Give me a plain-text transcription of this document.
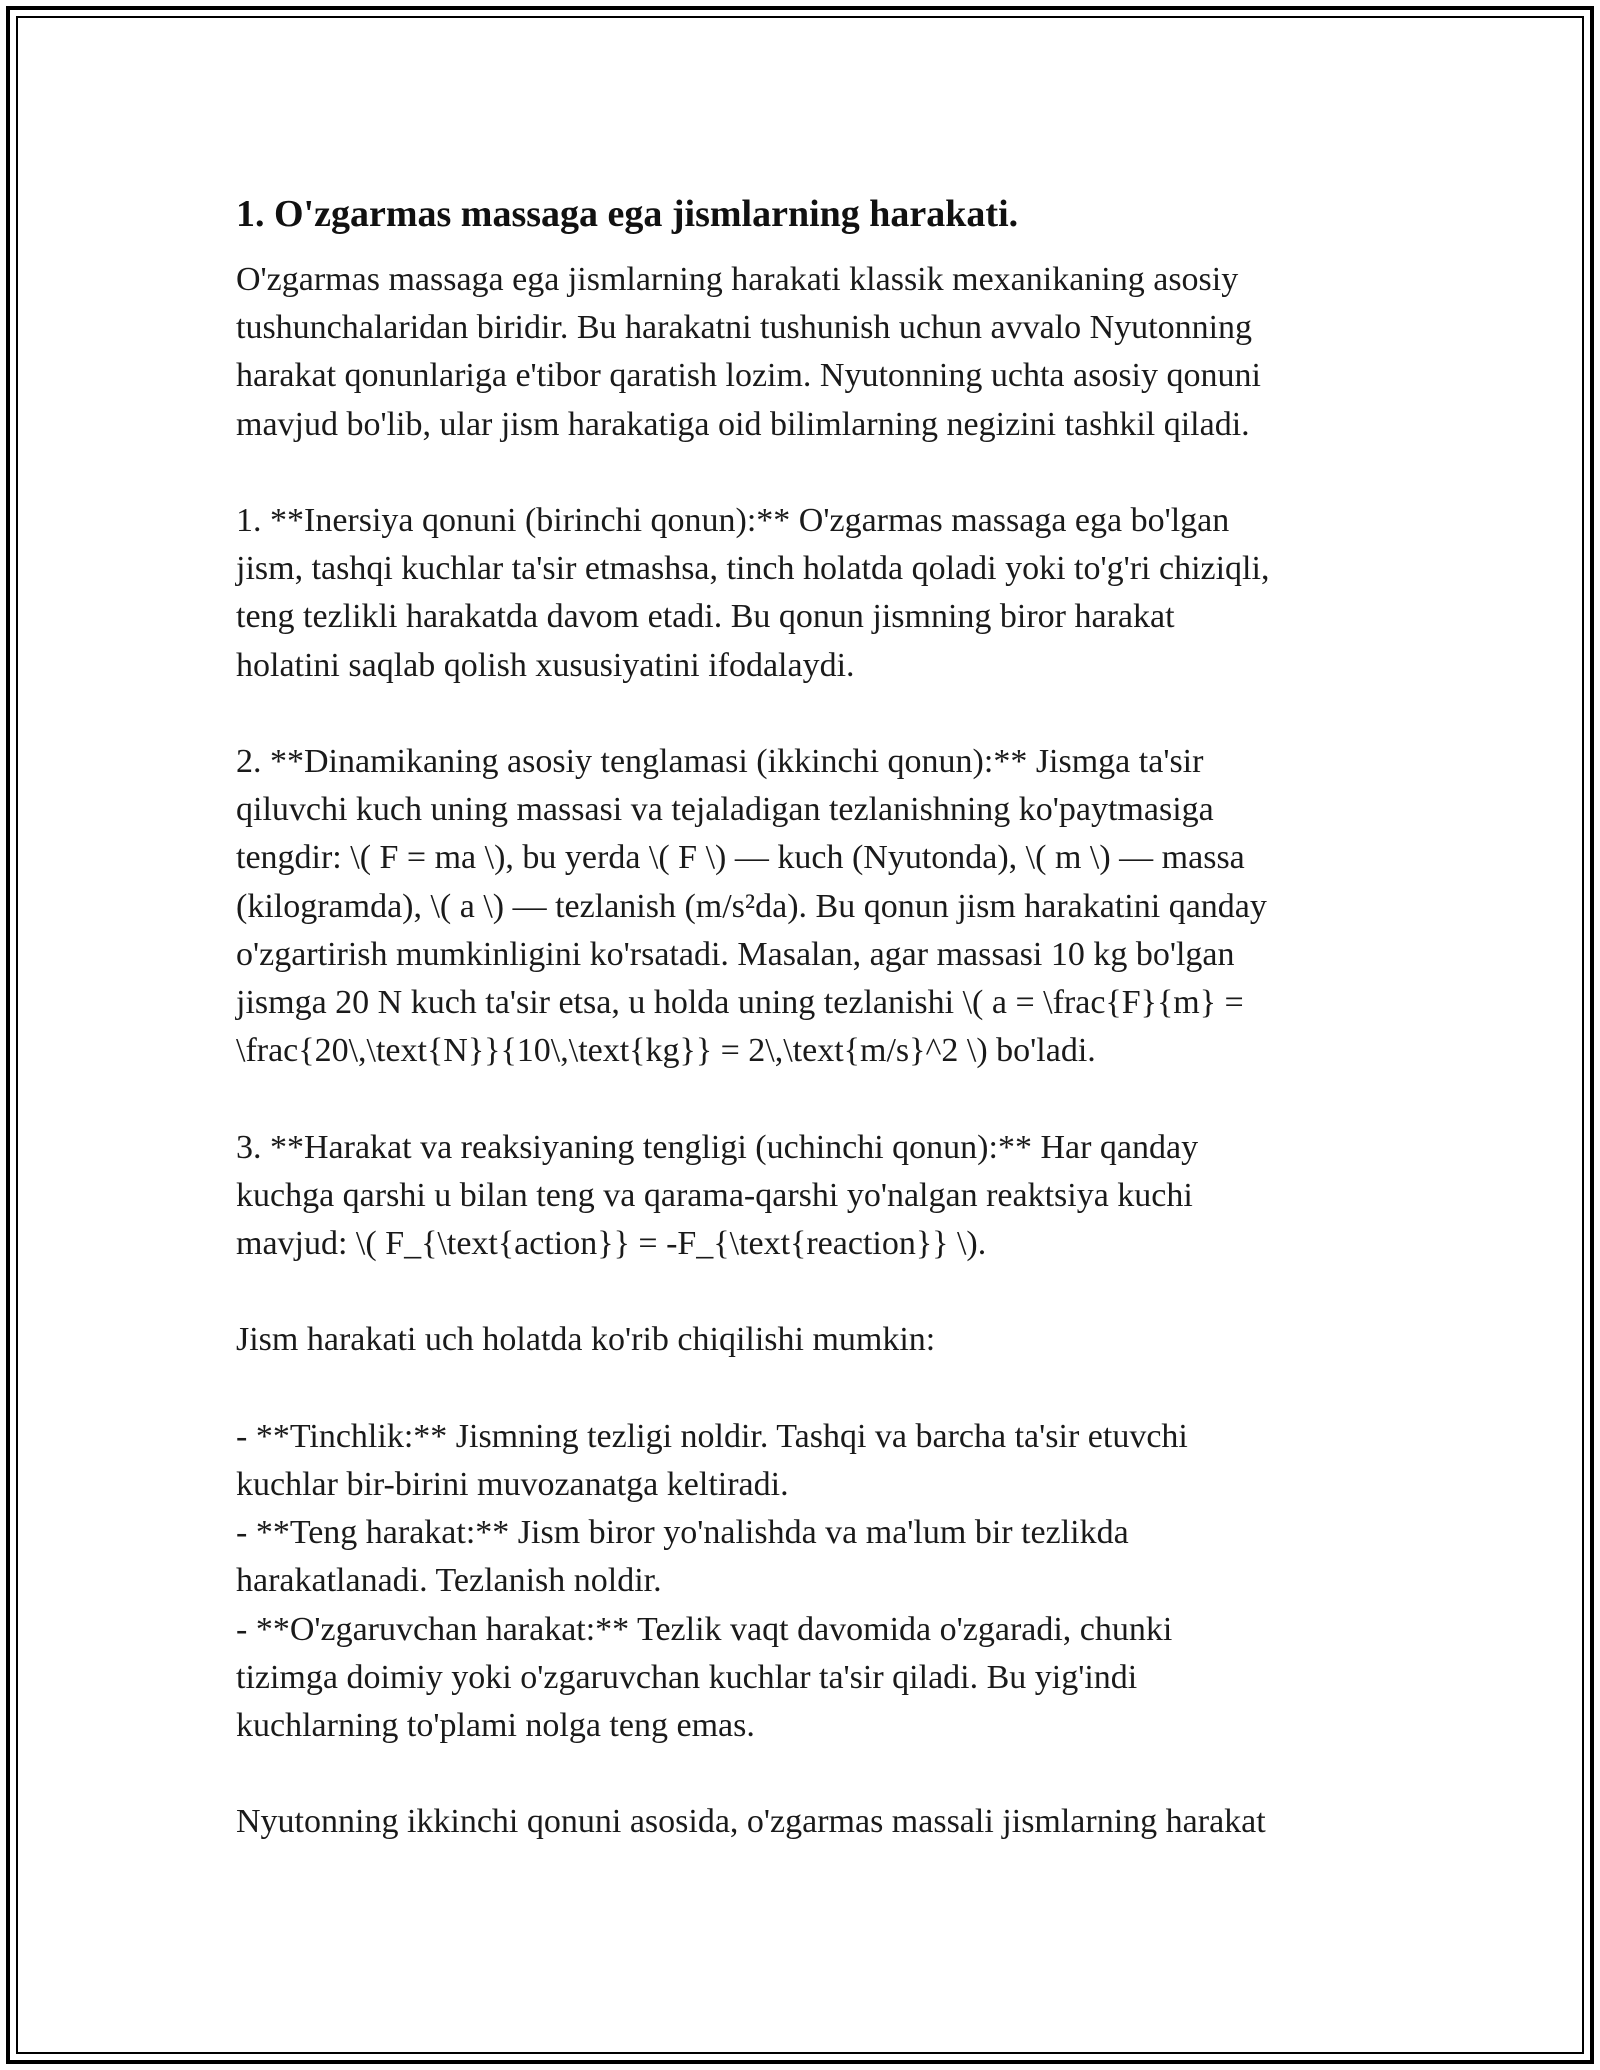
1. O'zgarmas massaga ega jismlarning harakati.
O'zgarmas massaga ega jismlarning harakati klassik mexanikaning asosiy
tushunchalaridan biridir. Bu harakatni tushunish uchun avvalo Nyutonning
harakat qonunlariga e'tibor qaratish lozim. Nyutonning uchta asosiy qonuni
mavjud bo'lib, ular jism harakatiga oid bilimlarning negizini tashkil qiladi.
1. **Inersiya qonuni (birinchi qonun):** O'zgarmas massaga ega bo'lgan
jism, tashqi kuchlar ta'sir etmashsa, tinch holatda qoladi yoki to'g'ri chiziqli,
teng tezlikli harakatda davom etadi. Bu qonun jismning biror harakat
holatini saqlab qolish xususiyatini ifodalaydi.
2. **Dinamikaning asosiy tenglamasi (ikkinchi qonun):** Jismga ta'sir
qiluvchi kuch uning massasi va tejaladigan tezlanishning ko'paytmasiga
tengdir: \( F = ma \), bu yerda \( F \) — kuch (Nyutonda), \( m \) — massa
(kilogramda), \( a \) — tezlanish (m/s²da). Bu qonun jism harakatini qanday
o'zgartirish mumkinligini ko'rsatadi. Masalan, agar massasi 10 kg bo'lgan
jismga 20 N kuch ta'sir etsa, u holda uning tezlanishi \( a = \frac{F}{m} =
\frac{20\,\text{N}}{10\,\text{kg}} = 2\,\text{m/s}^2 \) bo'ladi.
3. **Harakat va reaksiyaning tengligi (uchinchi qonun):** Har qanday
kuchga qarshi u bilan teng va qarama-qarshi yo'nalgan reaktsiya kuchi
mavjud: \( F_{\text{action}} = -F_{\text{reaction}} \).
Jism harakati uch holatda ko'rib chiqilishi mumkin:
- **Tinchlik:** Jismning tezligi noldir. Tashqi va barcha ta'sir etuvchi
kuchlar bir-birini muvozanatga keltiradi.
- **Teng harakat:** Jism biror yo'nalishda va ma'lum bir tezlikda
harakatlanadi. Tezlanish noldir.
- **O'zgaruvchan harakat:** Tezlik vaqt davomida o'zgaradi, chunki
tizimga doimiy yoki o'zgaruvchan kuchlar ta'sir qiladi. Bu yig'indi
kuchlarning to'plami nolga teng emas.
Nyutonning ikkinchi qonuni asosida, o'zgarmas massali jismlarning harakat
